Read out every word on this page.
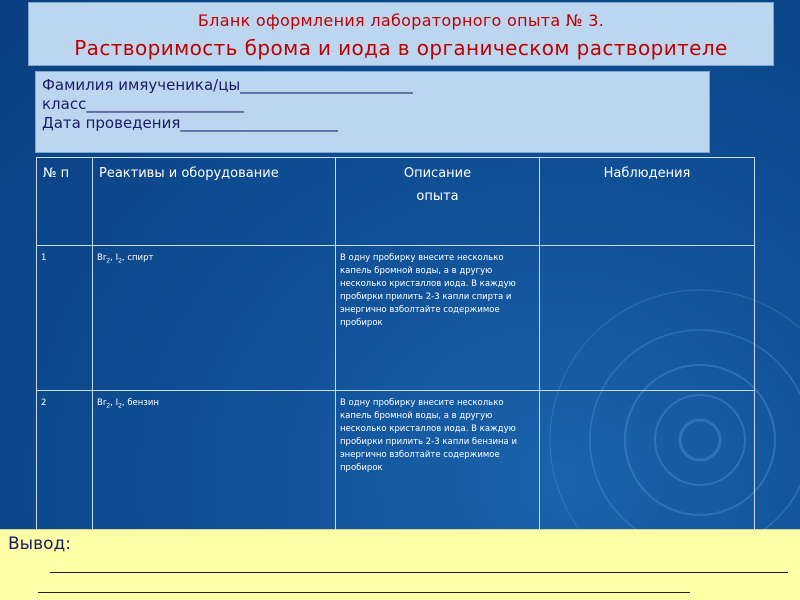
Бланк оформления лабораторного опыта № 3.
Растворимость брома и иода в органическом растворителе
Фамилия имяученика/цы_______________________
класс_____________________
Дата проведения_____________________
№ п	Реактивы и оборудование	Описание
опыта	Наблюдения
1	$Br_2$, $I_2$, спирт	В одну пробирку внесите несколько капель бромной воды, а в другую несколько кристаллов иода. В каждую пробирки прилить 2-3 капли спирта и энергично взболтайте содержимое пробирок	
2	$Br_2$, $I_2$, бензин	В одну пробирку внесите несколько капель бромной воды, а в другую несколько кристаллов иода. В каждую пробирки прилить 2-3 капли бензина и энергично взболтайте содержимое пробирок	
Вывод:
